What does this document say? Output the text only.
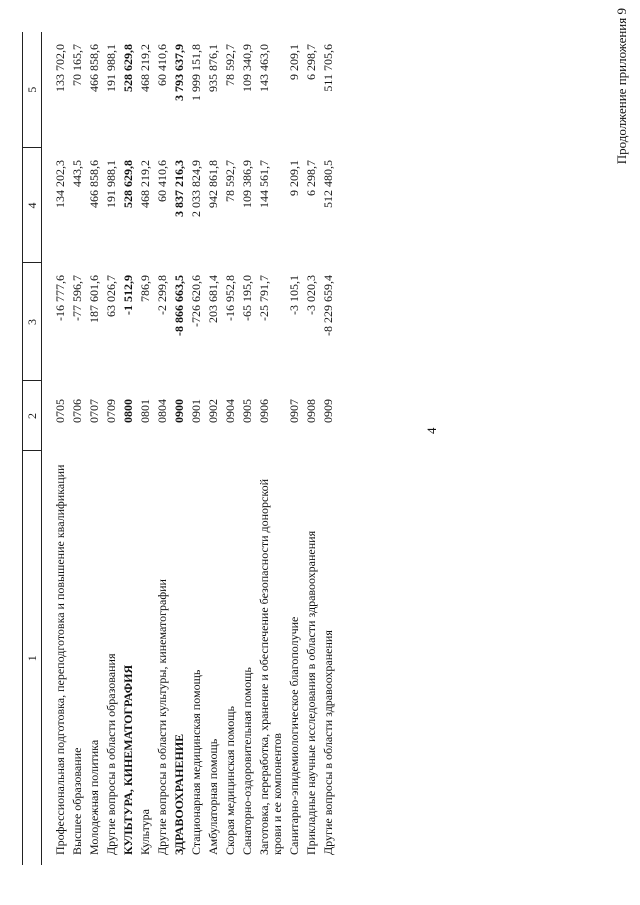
4
Продолжение приложения 9
1	2	3	4	5

Профессиональная подготовка, переподготовка и повышение квалификации	0705	-16 777,6	134 202,3	133 702,0
Высшее образование	0706	-77 596,7	443,5	70 165,7
Молодежная политика	0707	187 601,6	466 858,6	466 858,6
Другие вопросы в области образования	0709	63 026,7	191 988,1	191 988,1
КУЛЬТУРА, КИНЕМАТОГРАФИЯ	0800	-1 512,9	528 629,8	528 629,8
Культура	0801	786,9	468 219,2	468 219,2
Другие вопросы в области культуры, кинематографии	0804	-2 299,8	60 410,6	60 410,6
ЗДРАВООХРАНЕНИЕ	0900	-8 866 663,5	3 837 216,3	3 793 637,9
Стационарная медицинская помощь	0901	-726 620,6	2 033 824,9	1 999 151,8
Амбулаторная помощь	0902	203 681,4	942 861,8	935 876,1
Скорая медицинская помощь	0904	-16 952,8	78 592,7	78 592,7
Санаторно-оздоровительная помощь	0905	-65 195,0	109 386,9	109 340,9
Заготовка, переработка, хранение и обеспечение безопасности донорской крови и ее компонентов	0906	-25 791,7	144 561,7	143 463,0
Санитарно-эпидемиологическое благополучие	0907	-3 105,1	9 209,1	9 209,1
Прикладные научные исследования в области здравоохранения	0908	-3 020,3	6 298,7	6 298,7
Другие вопросы в области здравоохранения	0909	-8 229 659,4	512 480,5	511 705,6
